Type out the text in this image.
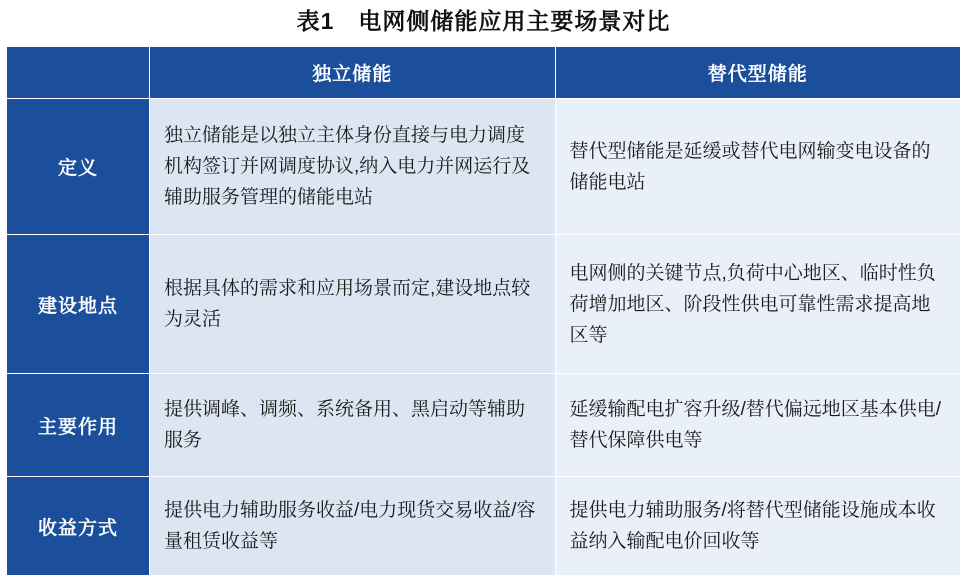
表1　电网侧储能应用主要场景对比
	独立储能	替代型储能
定义	独立储能是以独立主体身份直接与电力调度机构签订并网调度协议,纳入电力并网运行及辅助服务管理的储能电站	替代型储能是延缓或替代电网输变电设备的储能电站
建设地点	根据具体的需求和应用场景而定,建设地点较为灵活	电网侧的关键节点,负荷中心地区、临时性负荷增加地区、阶段性供电可靠性需求提高地区等
主要作用	提供调峰、调频、系统备用、黑启动等辅助服务	延缓输配电扩容升级/替代偏远地区基本供电/替代保障供电等
收益方式	提供电力辅助服务收益/电力现货交易收益/容量租赁收益等	提供电力辅助服务/将替代型储能设施成本收益纳入输配电价回收等
